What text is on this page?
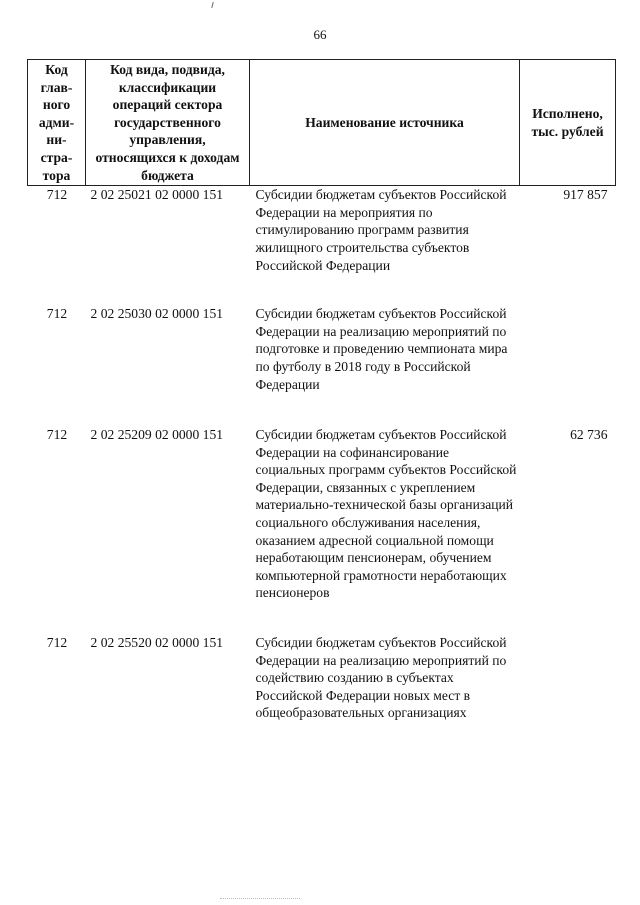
66
Код глав-ного адми-ни-стра-тора	Код вида, подвида, классификации операций сектора государственного управления, относящихся к доходам бюджета	Наименование источника	Исполнено, тыс. рублей
712	2 02 25021 02 0000 151	Субсидии бюджетам субъектов Российской Федерации на мероприятия по стимулированию программ развития жилищного строительства субъектов Российской Федерации	917 857

712	2 02 25030 02 0000 151	Субсидии бюджетам субъектов Российской Федерации на реализацию мероприятий по подготовке и проведению чемпионата мира по футболу в 2018 году в Российской Федерации	

712	2 02 25209 02 0000 151	Субсидии бюджетам субъектов Российской Федерации на софинансирование социальных программ субъектов Российской Федерации, связанных с укреплением материально-технической базы организаций социального обслуживания населения, оказанием адресной социальной помощи неработающим пенсионерам, обучением компьютерной грамотности неработающих пенсионеров	62 736

712	2 02 25520 02 0000 151	Субсидии бюджетам субъектов Российской Федерации на реализацию мероприятий по содействию созданию в субъектах Российской Федерации новых мест в общеобразовательных организациях	
